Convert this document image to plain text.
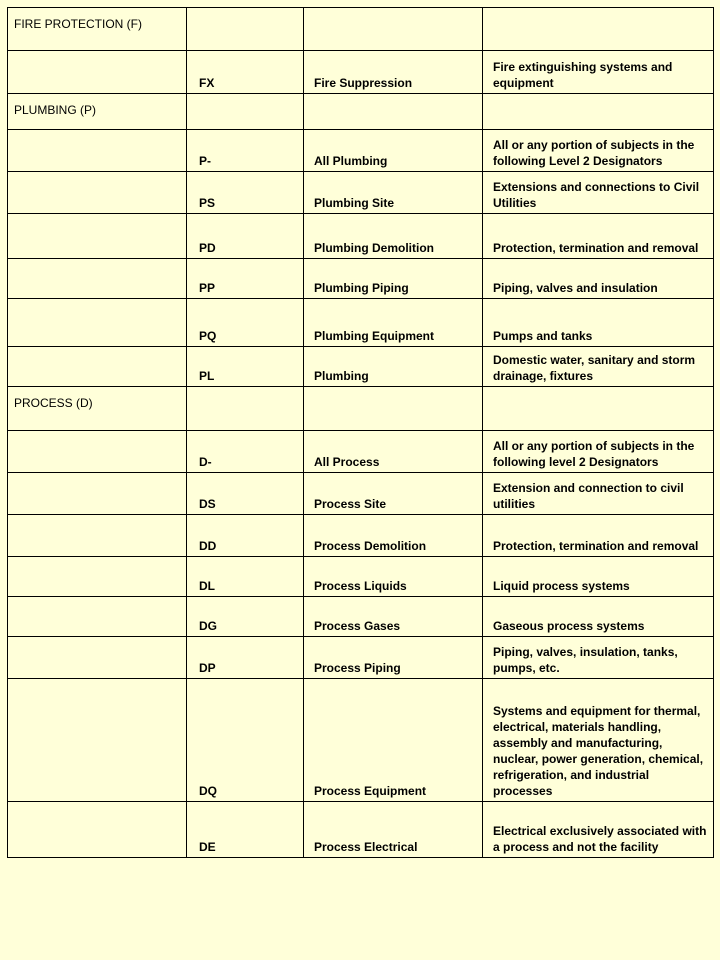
FIRE PROTECTION (F)			
	FX	Fire Suppression	Fire extinguishing systems and equipment
PLUMBING (P)			
	P-	All Plumbing	All or any portion of subjects in the following Level 2 Designators
	PS	Plumbing Site	Extensions and connections to Civil Utilities
	PD	Plumbing Demolition	Protection, termination and removal
	PP	Plumbing Piping	Piping, valves and insulation
	PQ	Plumbing Equipment	Pumps and tanks
	PL	Plumbing	Domestic water, sanitary and storm drainage, fixtures
PROCESS (D)			
	D-	All Process	All or any portion of subjects in the following level 2 Designators
	DS	Process Site	Extension and connection to civil utilities
	DD	Process Demolition	Protection, termination and removal
	DL	Process Liquids	Liquid process systems
	DG	Process Gases	Gaseous process systems
	DP	Process Piping	Piping, valves, insulation, tanks, pumps, etc.
	DQ	Process Equipment	Systems and equipment for thermal, electrical, materials handling, assembly and manufacturing, nuclear, power generation, chemical, refrigeration, and industrial processes
	DE	Process Electrical	Electrical exclusively associated with a process and not the facility
